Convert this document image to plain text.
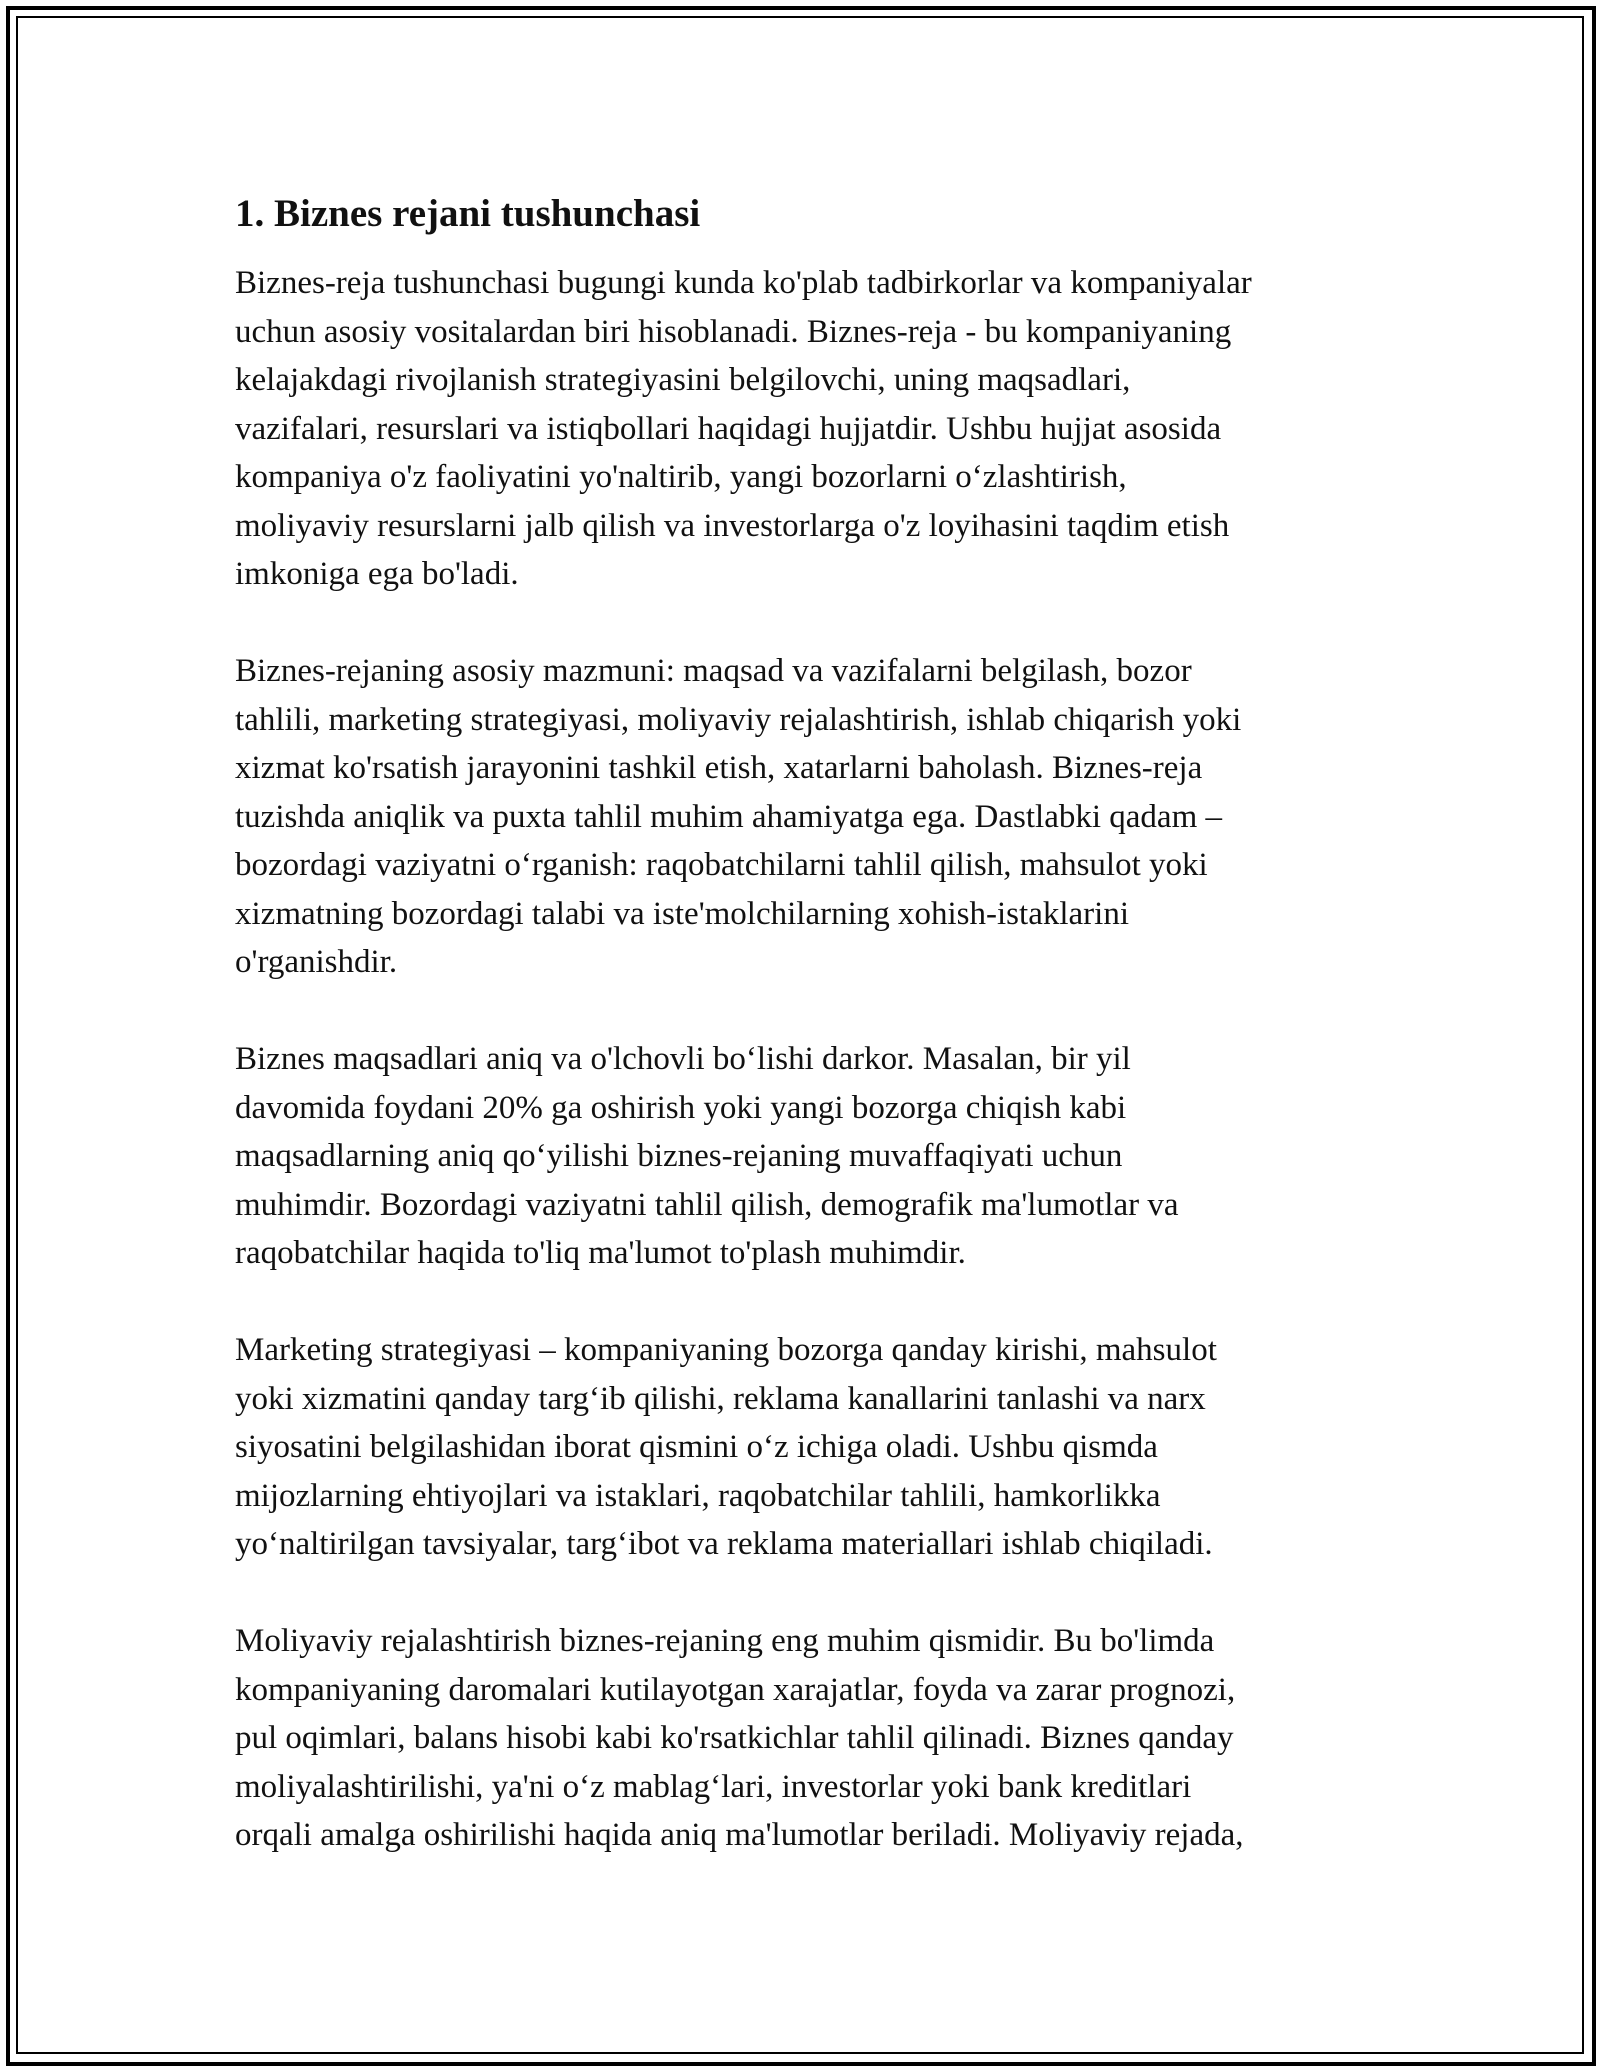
1. Biznes rejani tushunchasi

Biznes-reja tushunchasi bugungi kunda ko'plab tadbirkorlar va kompaniyalar
uchun asosiy vositalardan biri hisoblanadi. Biznes-reja - bu kompaniyaning
kelajakdagi rivojlanish strategiyasini belgilovchi, uning maqsadlari,
vazifalari, resurslari va istiqbollari haqidagi hujjatdir. Ushbu hujjat asosida
kompaniya o'z faoliyatini yo'naltirib, yangi bozorlarni oʻzlashtirish,
moliyaviy resurslarni jalb qilish va investorlarga o'z loyihasini taqdim etish
imkoniga ega bo'ladi.

Biznes-rejaning asosiy mazmuni: maqsad va vazifalarni belgilash, bozor
tahlili, marketing strategiyasi, moliyaviy rejalashtirish, ishlab chiqarish yoki
xizmat ko'rsatish jarayonini tashkil etish, xatarlarni baholash. Biznes-reja
tuzishda aniqlik va puxta tahlil muhim ahamiyatga ega. Dastlabki qadam –
bozordagi vaziyatni oʻrganish: raqobatchilarni tahlil qilish, mahsulot yoki
xizmatning bozordagi talabi va iste'molchilarning xohish-istaklarini
o'rganishdir.

Biznes maqsadlari aniq va o'lchovli boʻlishi darkor. Masalan, bir yil
davomida foydani 20% ga oshirish yoki yangi bozorga chiqish kabi
maqsadlarning aniq qoʻyilishi biznes-rejaning muvaffaqiyati uchun
muhimdir. Bozordagi vaziyatni tahlil qilish, demografik ma'lumotlar va
raqobatchilar haqida to'liq ma'lumot to'plash muhimdir.

Marketing strategiyasi – kompaniyaning bozorga qanday kirishi, mahsulot
yoki xizmatini qanday targʻib qilishi, reklama kanallarini tanlashi va narx
siyosatini belgilashidan iborat qismini oʻz ichiga oladi. Ushbu qismda
mijozlarning ehtiyojlari va istaklari, raqobatchilar tahlili, hamkorlikka
yoʻnaltirilgan tavsiyalar, targʻibot va reklama materiallari ishlab chiqiladi.

Moliyaviy rejalashtirish biznes-rejaning eng muhim qismidir. Bu bo'limda
kompaniyaning daromalari kutilayotgan xarajatlar, foyda va zarar prognozi,
pul oqimlari, balans hisobi kabi ko'rsatkichlar tahlil qilinadi. Biznes qanday
moliyalashtirilishi, ya'ni oʻz mablagʻlari, investorlar yoki bank kreditlari
orqali amalga oshirilishi haqida aniq ma'lumotlar beriladi. Moliyaviy rejada,
